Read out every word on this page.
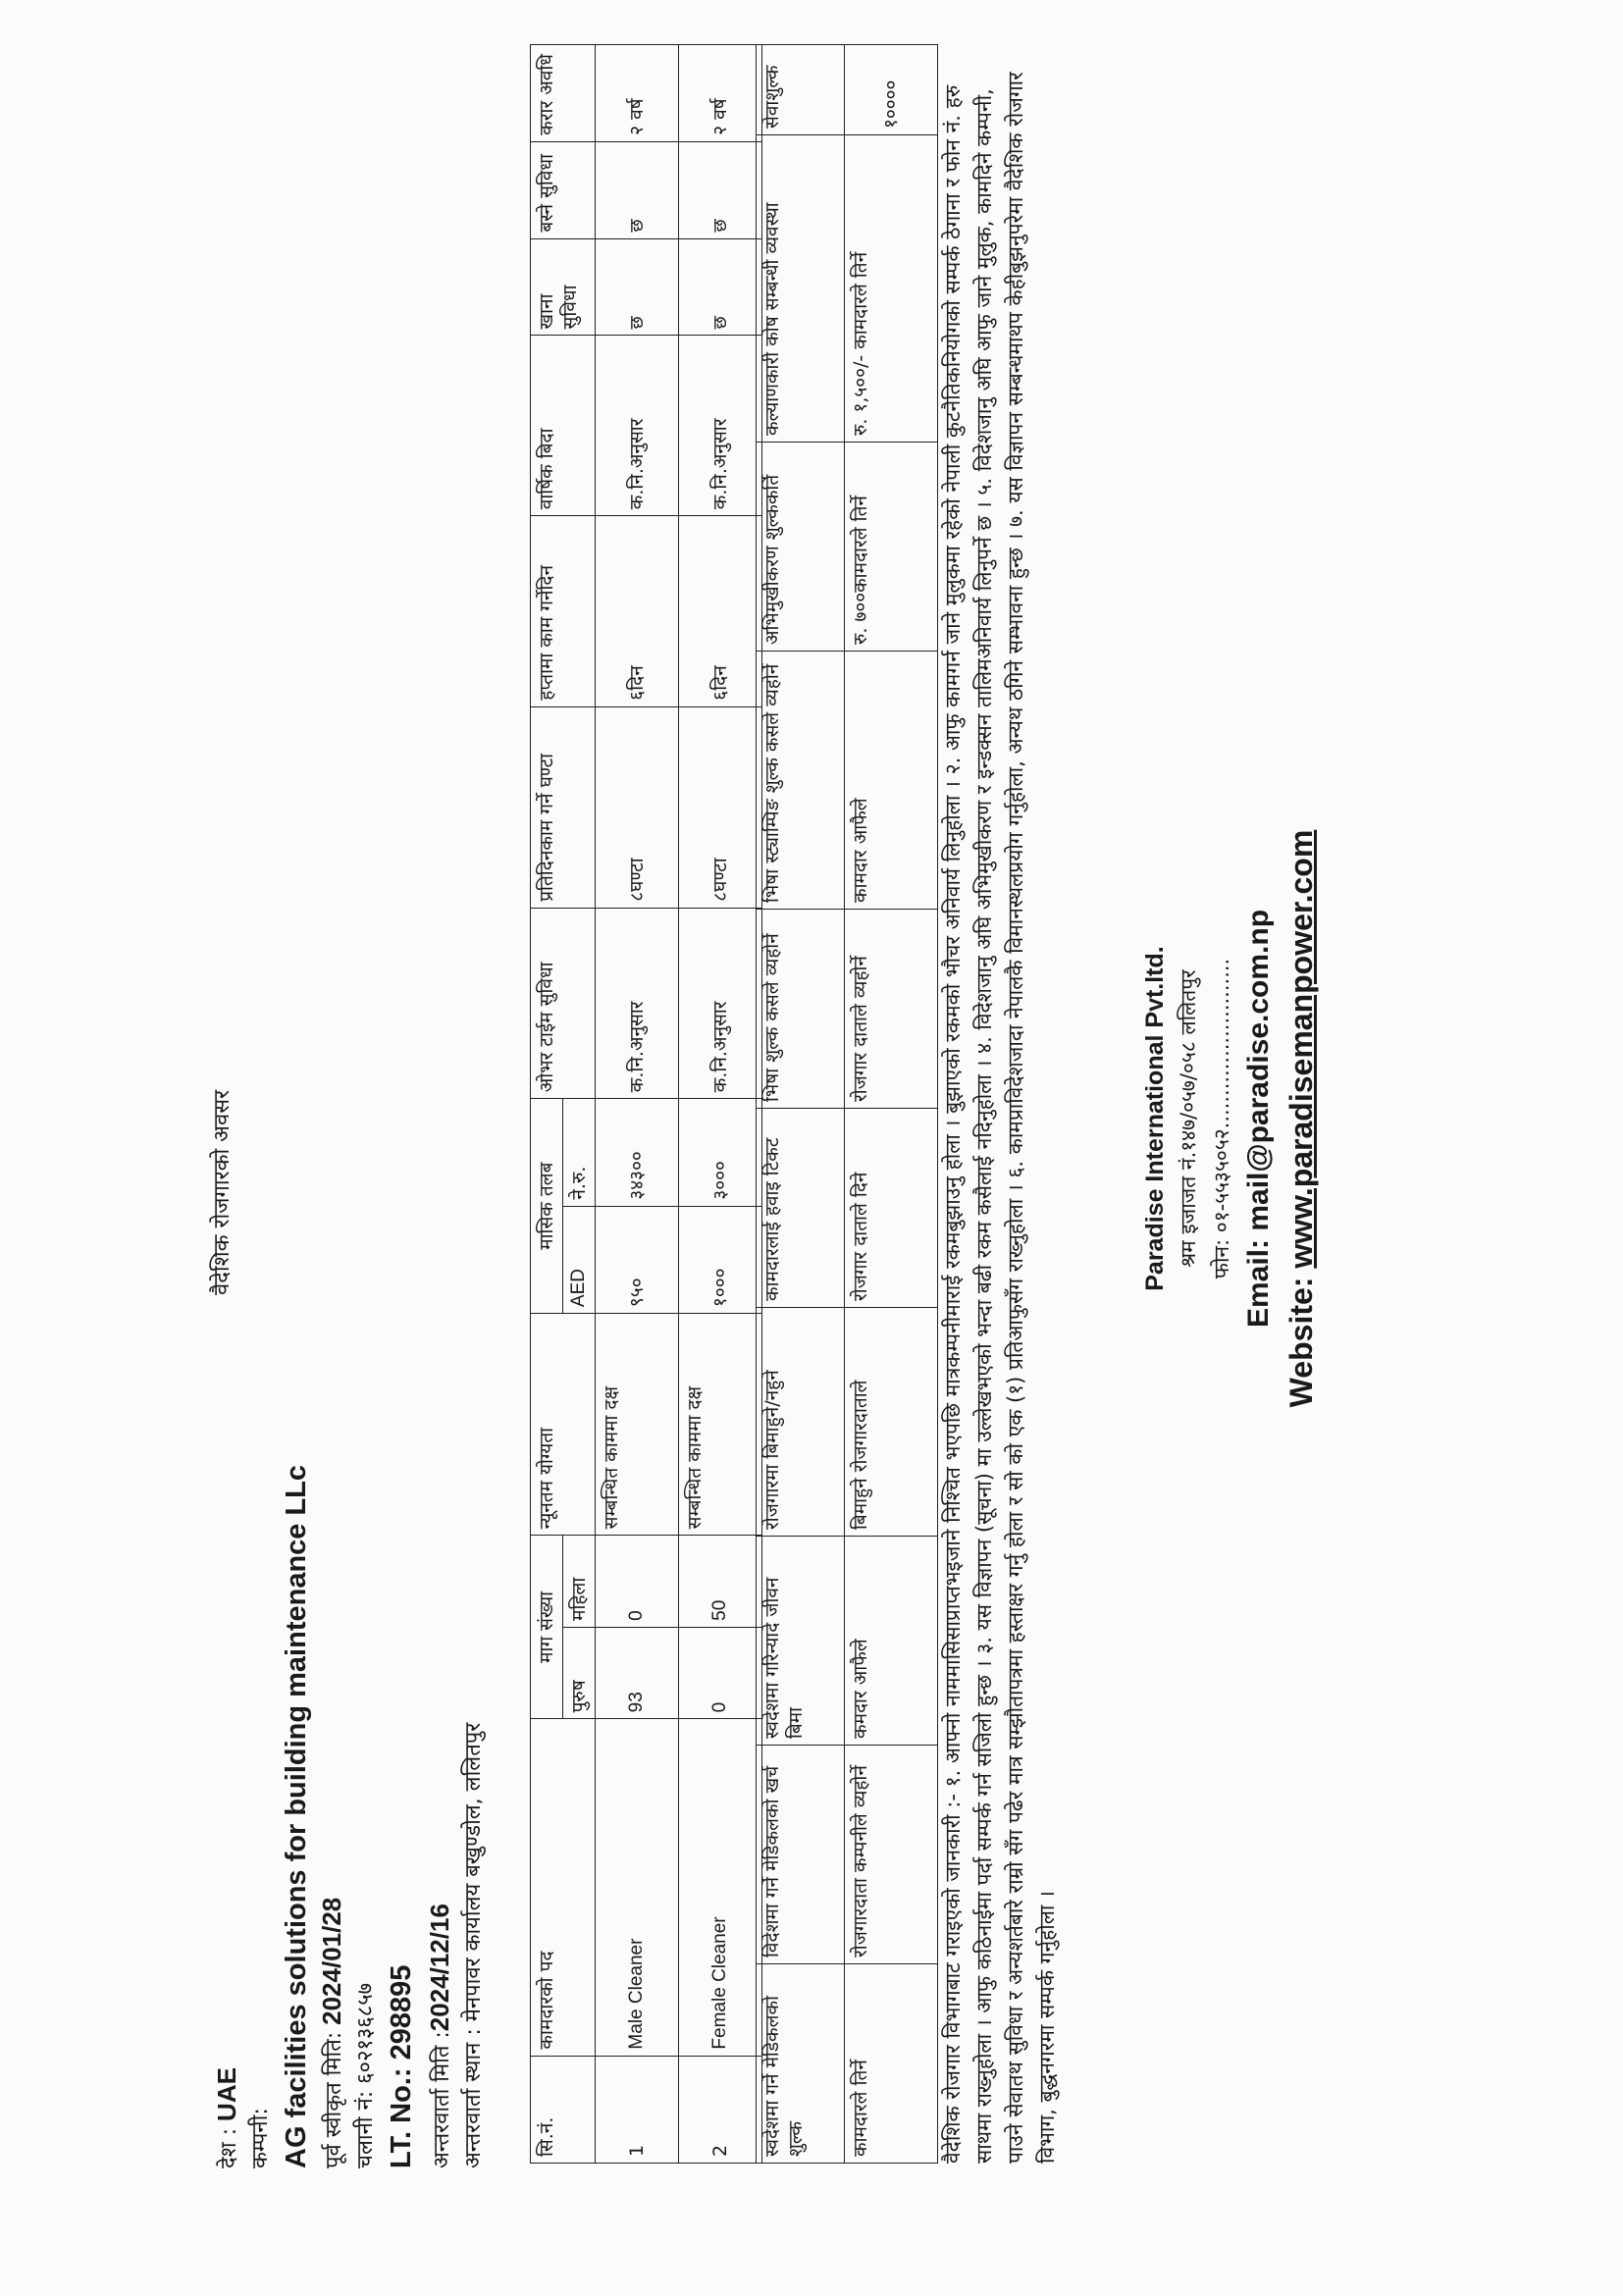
वैदेशिक रोजगारको अवसर
देश : UAE
कम्पनी: AG facilities solutions for building maintenance LLc पूर्व स्वीकृत मिति: 2024/01/28
चलानी नं: ६०२१३६८५७
LT. No.: 298895
अन्तरवार्ता मिति :2024/12/16
अन्तरवार्ता स्थान : मेनपावर कार्यालय बखुण्डोल, ललितपुर
सि.नं.	कामदारको पद	माग संख्या		न्यूनतम योग्यता	मासिक तलब		ओभर टाईम सुविधा	प्रतिदिनकाम गर्ने घण्टा	हप्तामा काम गर्नेदिन	वार्षिक बिदा	खाना सुविधा	बस्ने सुविधा	करार अवधि
		पुरुष	महिला		AED	ने.रु.							
1	Male Cleaner	93	0	सम्बन्धित काममा दक्ष	९५०	३४३००	क.नि.अनुसार	८घण्टा	६दिन	क.नि.अनुसार	छ	छ	२ वर्ष
2	Female Cleaner	0	50	सम्बन्धित काममा दक्ष	१०००	३०००	क.नि.अनुसार	८घण्टा	६दिन	क.नि.अनुसार	छ	छ	२ वर्ष
स्वदेशमा गर्ने मेडिकलको शुल्क	विदेशमा गर्ने मेडिकलको खर्च	स्वदेशमा गरिन्यादे जीवन बिमा	रोजगारमा बिमाहुने/नहुने	कामदारलाई हवाइ टिकट	भिषा शुल्क कसले व्यहोर्ने	भिषा स्ट्याम्पिङ शुल्क कसले व्यहोर्ने	अभिमुखीकरण शुल्ककर्ति	कल्याणकारी कोष सम्बन्धी व्यवस्था	सेवाशुल्क
कामदारले तिर्ने	रोजगारदाता कम्पनीले व्यहोर्ने	कमदार आफैले	बिमाहुने रोजगारदाताले	रोजगार दाताले दिने	रोजगार दाताले व्यहोर्ने	कामदार आफैले	रु. ७००कामदारले तिर्ने	रु. १,५००/- कामदारले तिर्ने	१०००० वैदेशिक रोजगार विभागबाट गराइएको जानकारी :- १. आफ्नो नाममासिसाप्राप्तभइजाने निश्चित भएपछि मात्रकम्पनीमाराई रकमबुझाउनु होला । बुझाएको रकमको भौचर अनिवार्य लिनुहोला । २. आफु कामगर्न जाने मुलुकमा रहेको नेपाली कुटनैतिकनियोगको सम्पर्क ठेगाना र फोन नं. हरु साथमा राख्नुहोला । आफु कठिनाईमा पर्दा सम्पर्क गर्न सजिलो हुन्छ । ३. यस विज्ञापन (सूचना) मा उल्लेखभएको भन्दा बढी रकम कसैलाई नदिनुहोला । ४. विदेशजानु अघि अभिमुखीकरण र इन्डक्सन तालिमअनिवार्य लिनुपर्ने छ । ५. विदेशजानु अघि आफु जाने मुलुक, कामदिने कम्पनी, पाउने सेवातथ सुविधा र अन्यशर्तबारे राम्रो सँग पढेर मात्र सम्झौतापत्रमा हस्ताक्षर गर्नु होला र सो को एक (१) प्रतिआफुसँग राख्नुहोला । ६. कामप्राविदेशजादा नेपालकै विमानस्थलप्रयोग गर्नुहोला, अन्यथ ठगिने सम्भावना हुन्छ । ७. यस विज्ञापन सम्बन्धमाथप केहीबुझनुपरेमा वैदेशिक रोजगार विभाग, बुद्धनगरमा सम्पर्क गर्नुहोला ।
Paradise International Pvt.ltd. श्रम इजाजत नं.१४७/०५७/०५८ ललितपुर फोन: ०१-५५३५०५२.......................... Email: mail@paradise.com.np
Website: www.paradisemanpower.com
